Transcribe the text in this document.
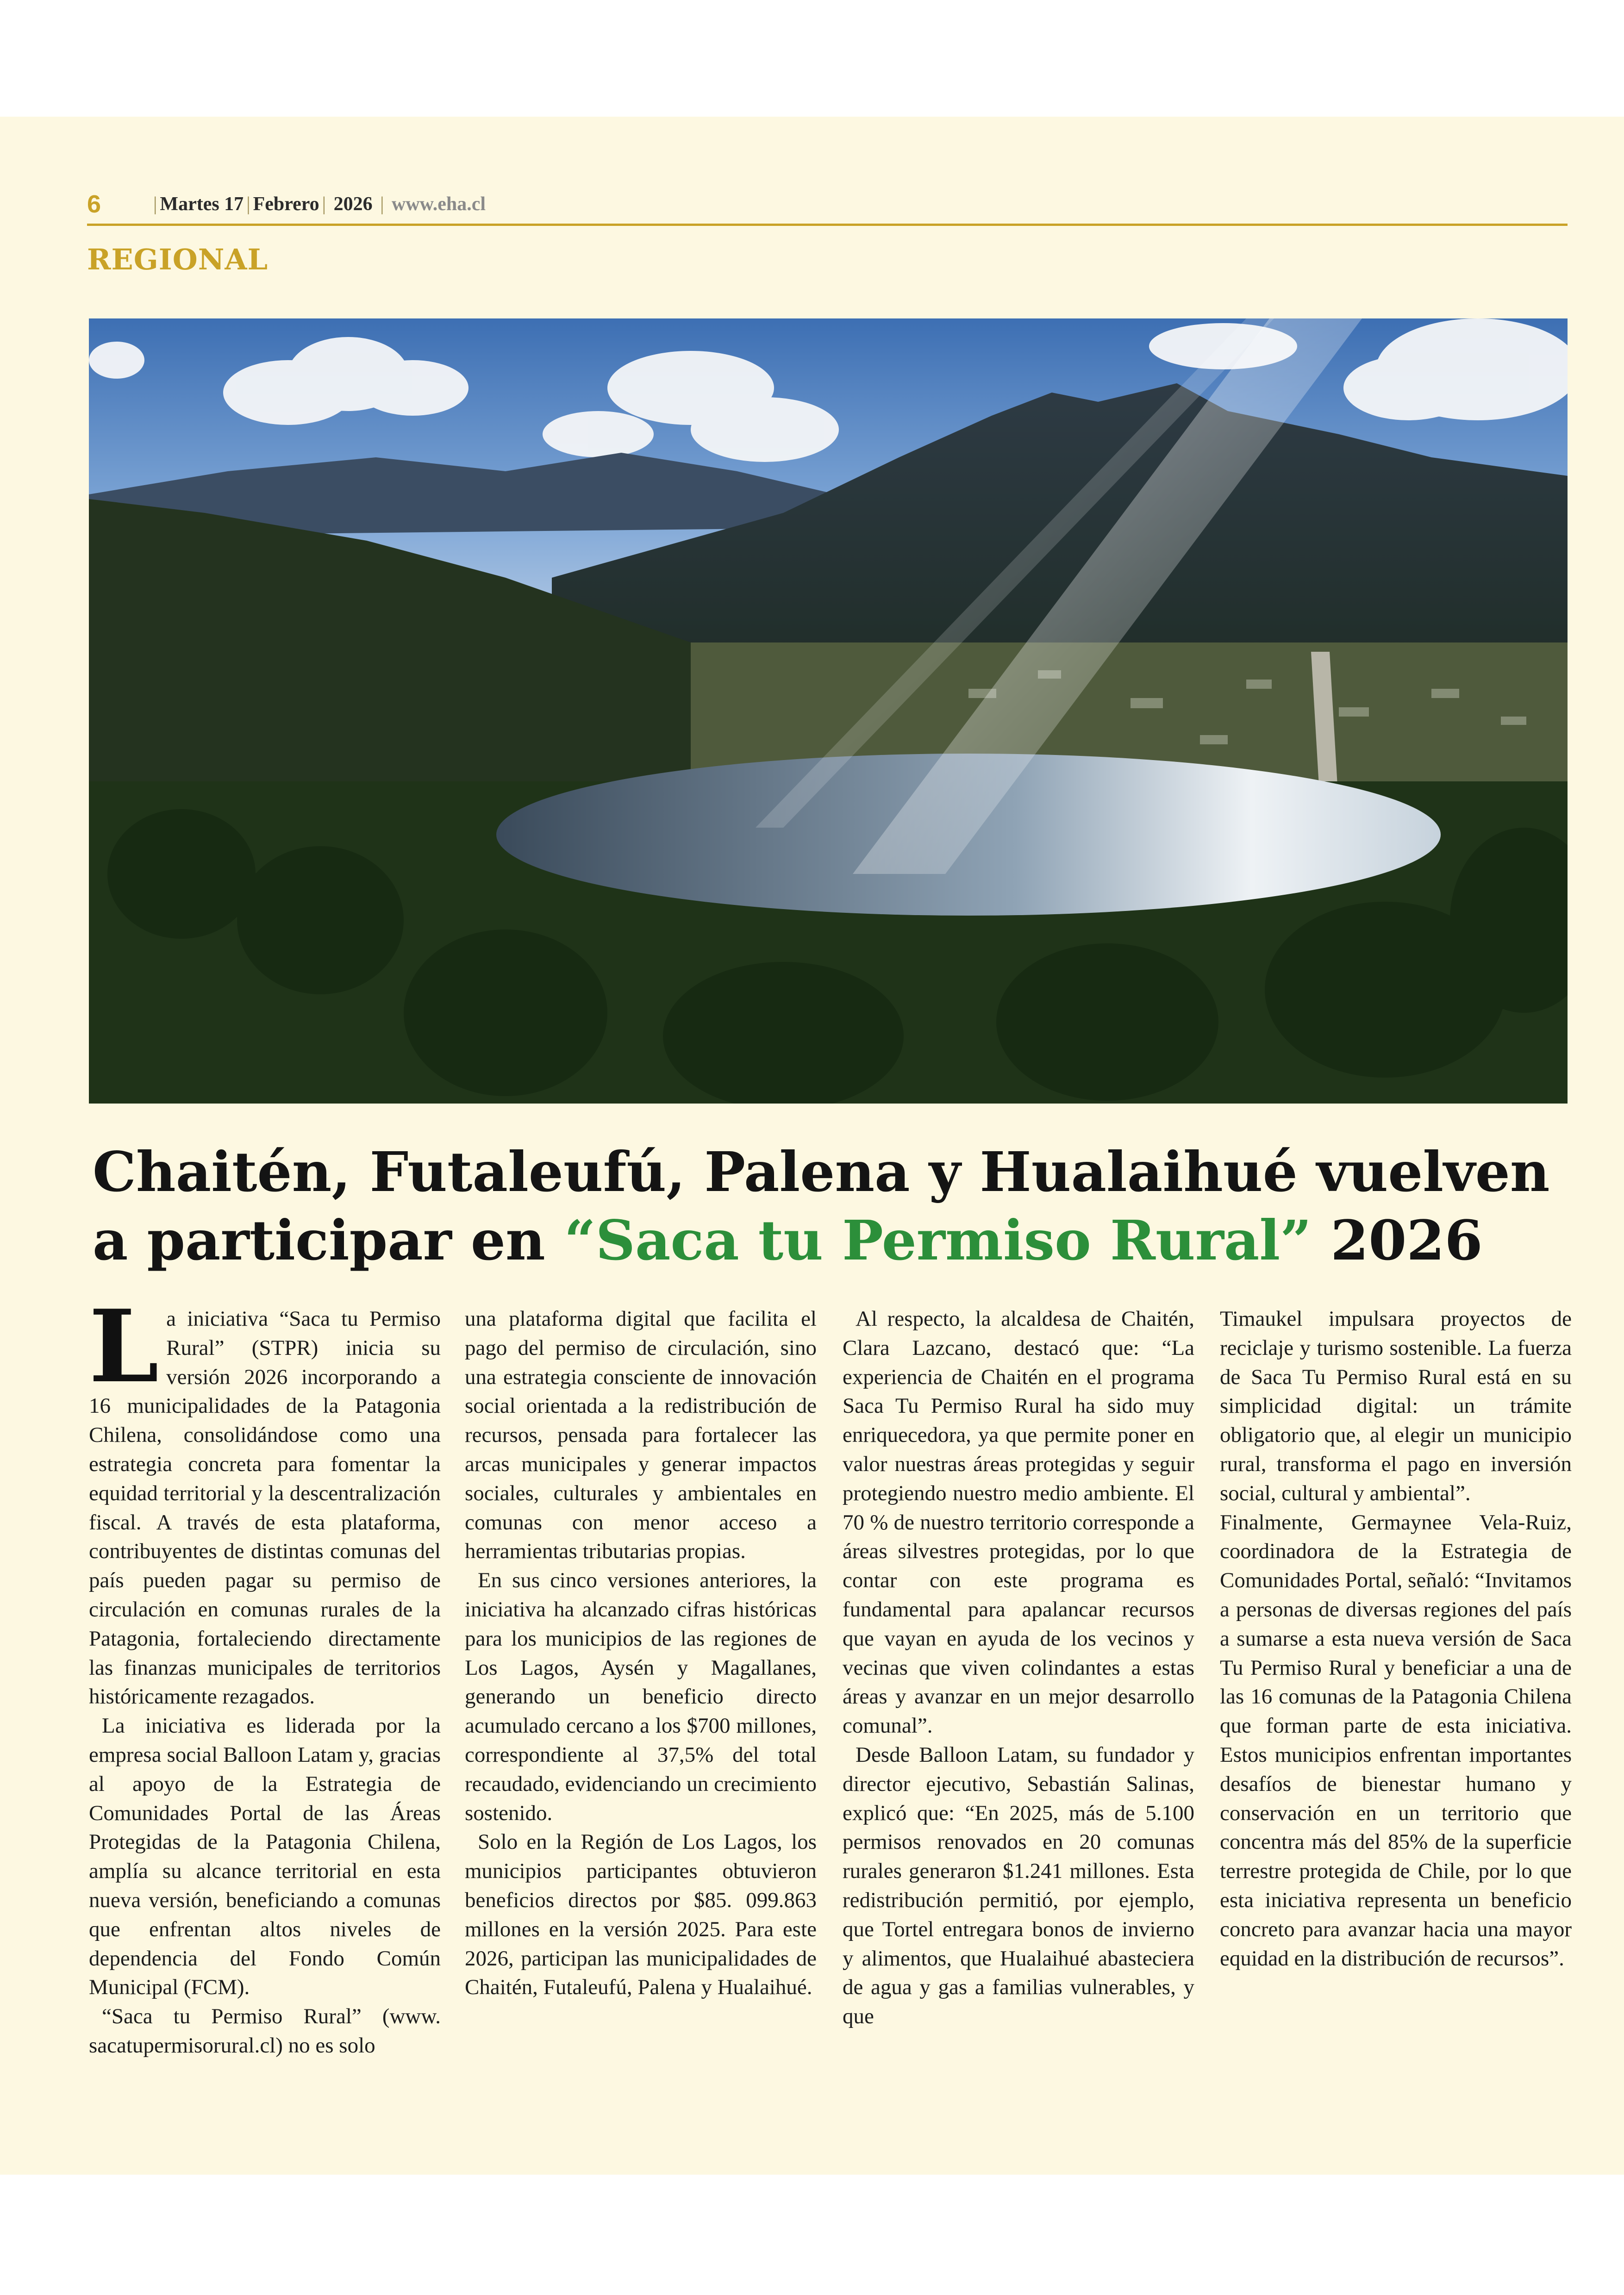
6	| Martes 17 | Febrero | 2026 | www.eha.cl
REGIONAL
Chaitén, Futaleufú, Palena y Hualaihué vuelven
a participar en “Saca tu Permiso Rural” 2026

La iniciativa “Saca tu Permiso Rural” (STPR) inicia su versión 2026 incorporando a 16 municipalidades de la Patagonia Chilena, consolidándose como una estrategia concreta para fomentar la equidad territorial y la descentralización fiscal. A través de esta plataforma, contribuyentes de distintas comunas del país pueden pagar su permiso de circulación en comunas rurales de la Patagonia, fortaleciendo directamente las finanzas municipales de territorios históricamente rezagados.

La iniciativa es liderada por la empresa social Balloon Latam y, gracias al apoyo de la Estrategia de Comunidades Portal de las Áreas Protegidas de la Patagonia Chilena, amplía su alcance territorial en esta nueva versión, beneficiando a comunas que enfrentan altos niveles de dependencia del Fondo Común Municipal (FCM).

“Saca tu Permiso Rural” (www. sacatupermisorural.cl) no es solo

una plataforma digital que facilita el pago del permiso de circulación, sino una estrategia consciente de innovación social orientada a la redistribución de recursos, pensada para fortalecer las arcas municipales y generar impactos sociales, culturales y ambientales en comunas con menor acceso a herramientas tributarias propias.

En sus cinco versiones anteriores, la iniciativa ha alcanzado cifras históricas para los municipios de las regiones de Los Lagos, Aysén y Magallanes, generando un beneficio directo acumulado cercano a los $700 millones, correspondiente al 37,5% del total recaudado, evidenciando un crecimiento sostenido.

Solo en la Región de Los Lagos, los municipios participantes obtuvieron beneficios directos por $85. 099.863 millones en la versión 2025. Para este 2026, participan las municipalidades de Chaitén, Futaleufú, Palena y Hualaihué.

Al respecto, la alcaldesa de Chaitén, Clara Lazcano, destacó que: “La experiencia de Chaitén en el programa Saca Tu Permiso Rural ha sido muy enriquecedora, ya que permite poner en valor nuestras áreas protegidas y seguir protegiendo nuestro medio ambiente. El 70 % de nuestro territorio corresponde a áreas silvestres protegidas, por lo que contar con este programa es fundamental para apalancar recursos que vayan en ayuda de los vecinos y vecinas que viven colindantes a estas áreas y avanzar en un mejor desarrollo comunal”.

Desde Balloon Latam, su fundador y director ejecutivo, Sebastián Salinas, explicó que: “En 2025, más de 5.100 permisos renovados en 20 comunas rurales generaron $1.241 millones. Esta redistribución permitió, por ejemplo, que Tortel entregara bonos de invierno y alimentos, que Hualaihué abasteciera de agua y gas a familias vulnerables, y que

Timaukel impulsara proyectos de reciclaje y turismo sostenible. La fuerza de Saca Tu Permiso Rural está en su simplicidad digital: un trámite obligatorio que, al elegir un municipio rural, transforma el pago en inversión social, cultural y ambiental”.

Finalmente, Germaynee Vela-Ruiz, coordinadora de la Estrategia de Comunidades Portal, señaló: “Invitamos a personas de diversas regiones del país a sumarse a esta nueva versión de Saca Tu Permiso Rural y beneficiar a una de las 16 comunas de la Patagonia Chilena que forman parte de esta iniciativa. Estos municipios enfrentan importantes desafíos de bienestar humano y conservación en un territorio que concentra más del 85% de la superficie terrestre protegida de Chile, por lo que esta iniciativa representa un beneficio concreto para avanzar hacia una mayor equidad en la distribución de recursos”.
